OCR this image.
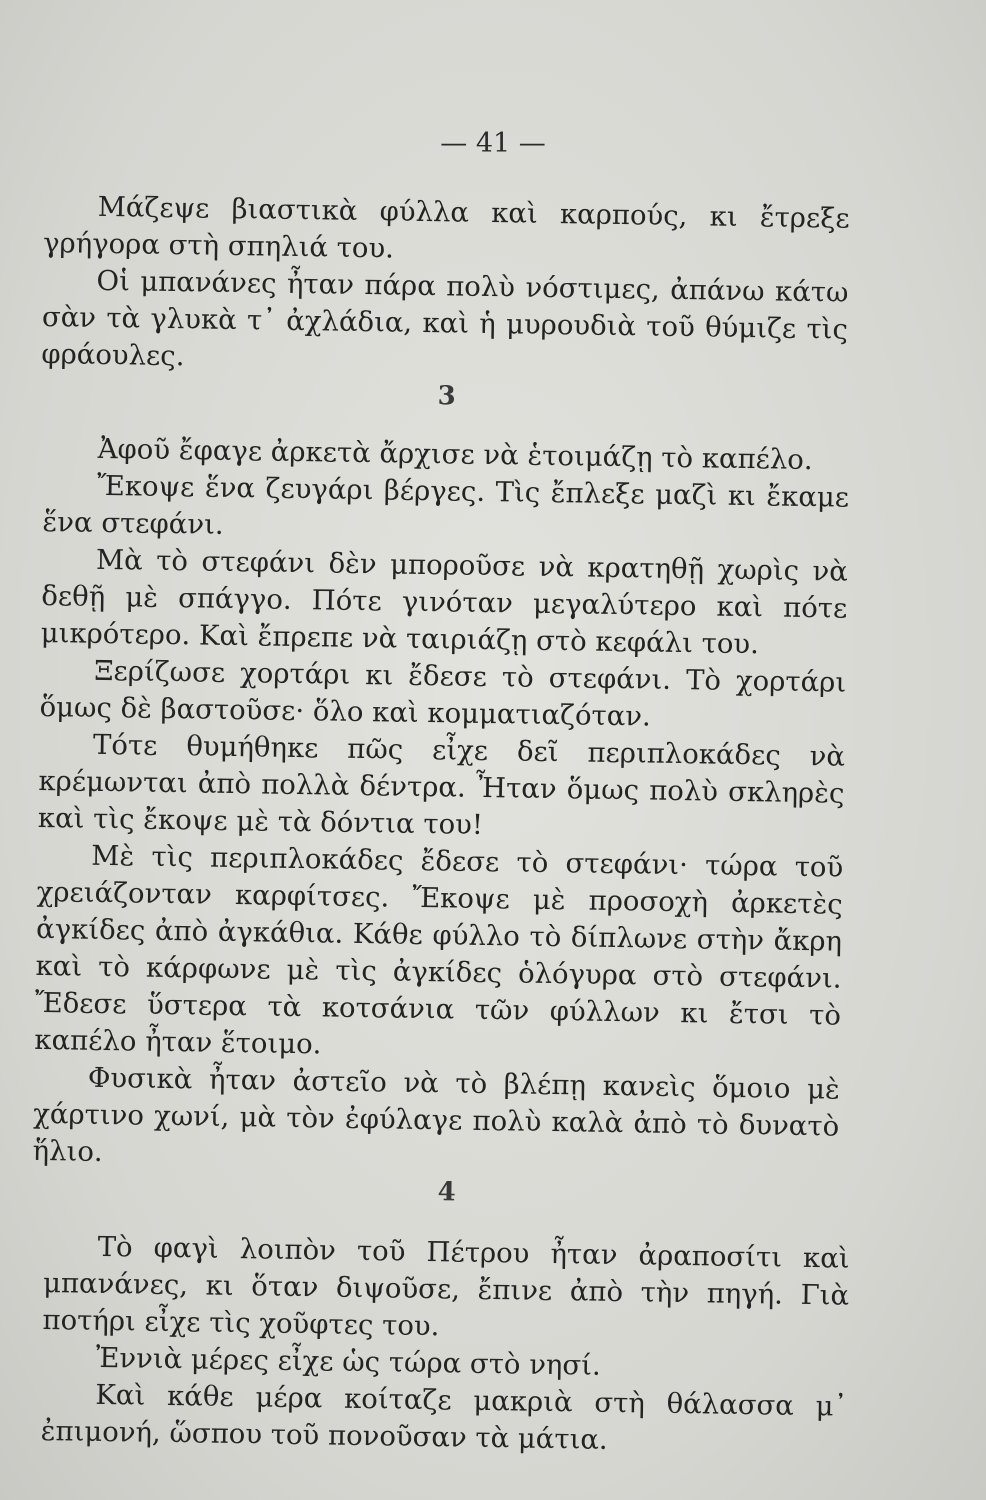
— 41 —

Μάζεψε βιαστικὰ φύλλα καὶ καρπούς, κι ἔτρεξε γρήγορα στὴ σπηλιά του.

Οἱ μπανάνες ἦταν πάρα πολὺ νόστιμες, ἀπάνω κάτω σὰν τὰ γλυκὰ τ᾽ ἀχλάδια, καὶ ἡ μυρουδιὰ τοῦ θύμιζε τὶς φράουλες.

3

Ἀφοῦ ἔφαγε ἀρκετὰ ἄρχισε νὰ ἑτοιμάζῃ τὸ καπέλο.

Ἔκοψε ἕνα ζευγάρι βέργες. Τὶς ἔπλεξε μαζὶ κι ἔκαμε ἕνα στεφάνι.

Μὰ τὸ στεφάνι δὲν μποροῦσε νὰ κρατηθῇ χωρὶς νὰ δεθῇ μὲ σπάγγο. Πότε γινόταν μεγαλύτερο καὶ πότε μικρότερο. Καὶ ἔπρεπε νὰ ταιριάζῃ στὸ κεφάλι του.

Ξερίζωσε χορτάρι κι ἔδεσε τὸ στεφάνι. Τὸ χορτάρι ὅμως δὲ βαστοῦσε· ὅλο καὶ κομματιαζόταν.

Τότε θυμήθηκε πῶς εἶχε δεῖ περιπλοκάδες νὰ κρέμωνται ἀπὸ πολλὰ δέντρα. Ἦταν ὅμως πολὺ σκληρὲς καὶ τὶς ἔκοψε μὲ τὰ δόντια του!

Μὲ τὶς περιπλοκάδες ἔδεσε τὸ στεφάνι· τώρα τοῦ χρειάζονταν καρφίτσες. Ἔκοψε μὲ προσοχὴ ἀρκετὲς ἀγκίδες ἀπὸ ἀγκάθια. Κάθε φύλλο τὸ δίπλωνε στὴν ἄκρη καὶ τὸ κάρφωνε μὲ τὶς ἀγκίδες ὁλόγυρα στὸ στεφάνι. Ἔδεσε ὕστερα τὰ κοτσάνια τῶν φύλλων κι ἔτσι τὸ καπέλο ἦταν ἕτοιμο.

Φυσικὰ ἦταν ἀστεῖο νὰ τὸ βλέπῃ κανεὶς ὅμοιο μὲ χάρτινο χωνί, μὰ τὸν ἐφύλαγε πολὺ καλὰ ἀπὸ τὸ δυνατὸ ἥλιο.

4

Τὸ φαγὶ λοιπὸν τοῦ Πέτρου ἦταν ἀραποσίτι καὶ μπανάνες, κι ὅταν διψοῦσε, ἔπινε ἀπὸ τὴν πηγή. Γιὰ ποτήρι εἶχε τὶς χοῦφτες του.

Ἐννιὰ μέρες εἶχε ὡς τώρα στὸ νησί.

Καὶ κάθε μέρα κοίταζε μακριὰ στὴ θάλασσα μ᾽ ἐπιμονή, ὥσπου τοῦ πονοῦσαν τὰ μάτια.
